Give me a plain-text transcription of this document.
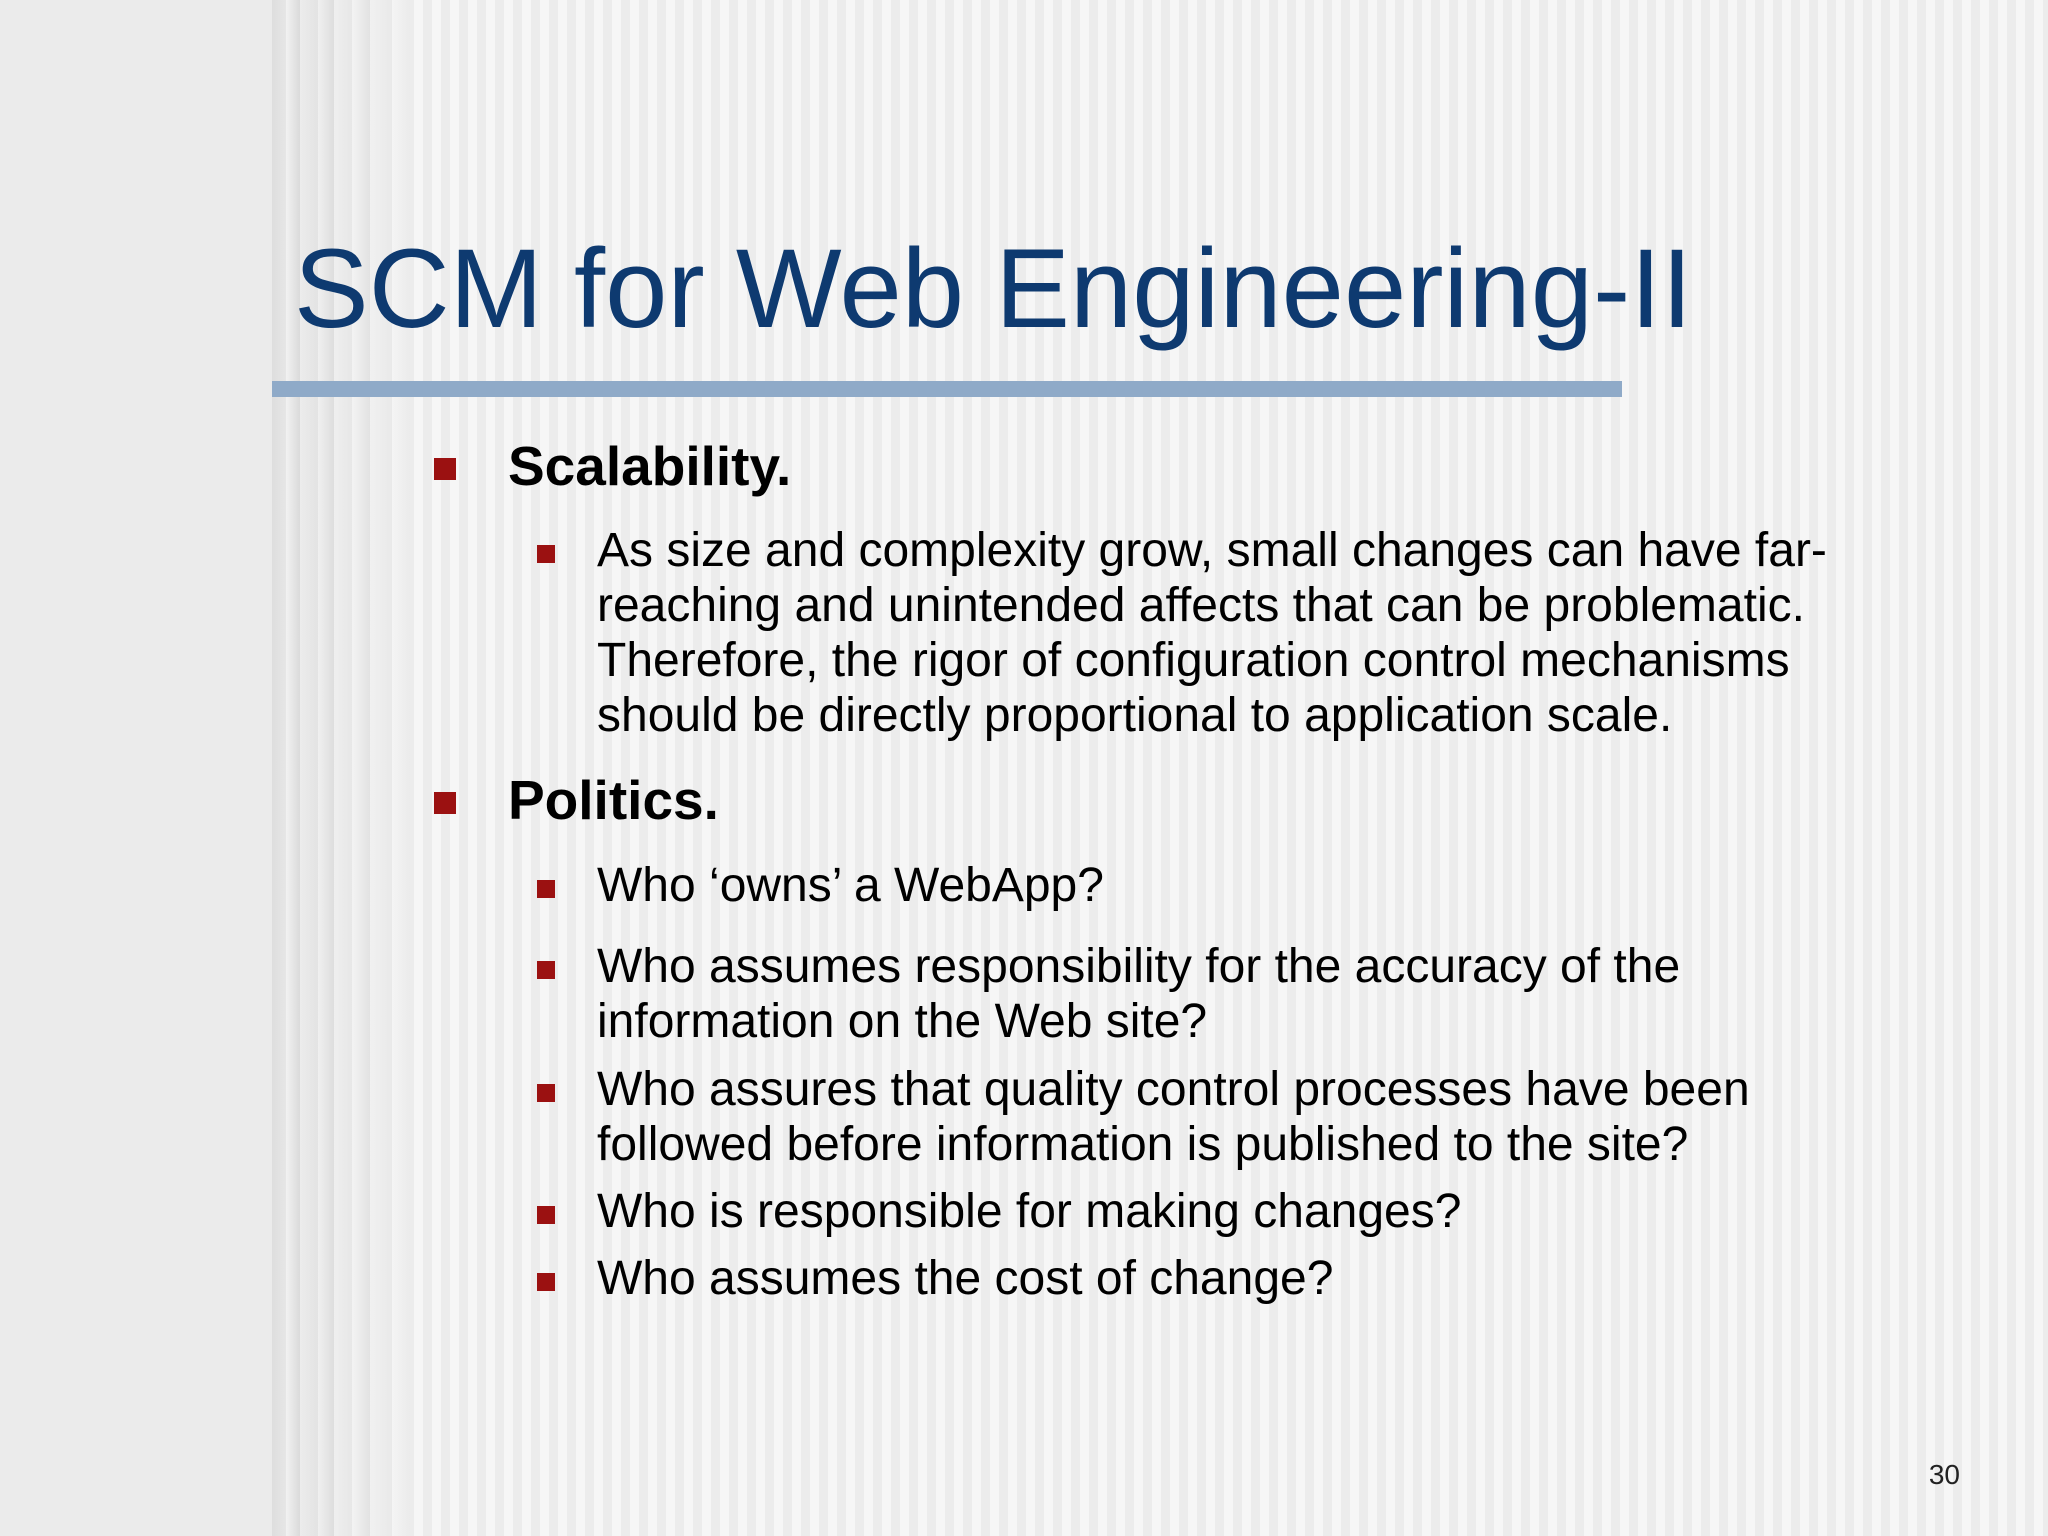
SCM for Web Engineering-II
Scalability.
As size and complexity grow, small changes can have far-
reaching and unintended affects that can be problematic.
Therefore, the rigor of configuration control mechanisms
should be directly proportional to application scale.
Politics.
Who ‘owns’ a WebApp?
Who assumes responsibility for the accuracy of the
information on the Web site?
Who assures that quality control processes have been
followed before information is published to the site?
Who is responsible for making changes?
Who assumes the cost of change?
30
